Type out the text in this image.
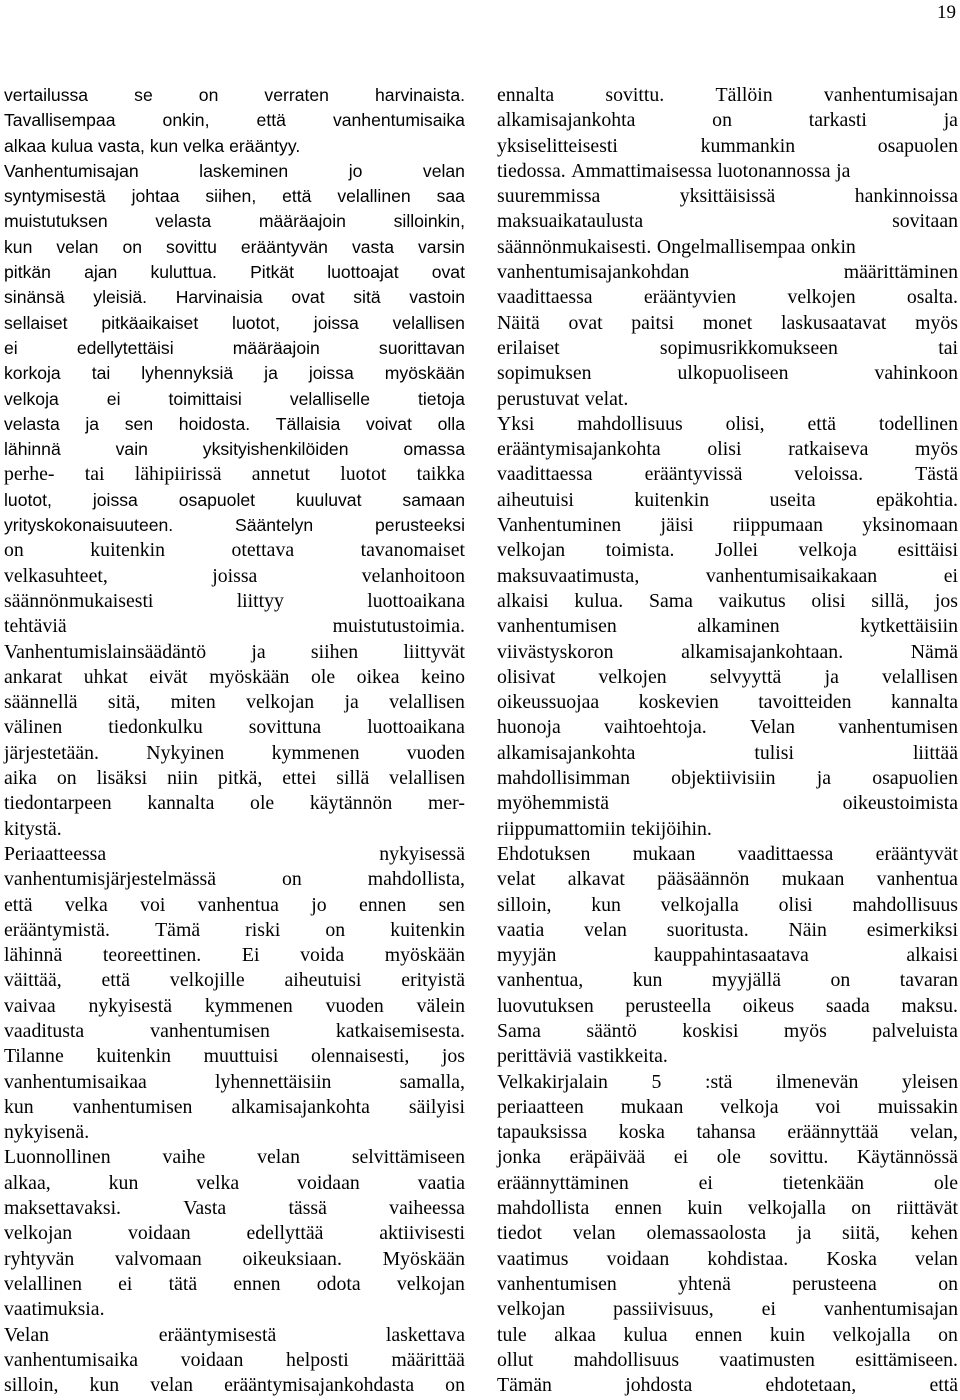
19
vertailussa	se	on	verraten	harvinaista.
Tavallisempaa	onkin,	että	vanhentumisaika
alkaa kulua vasta, kun velka erääntyy.
Vanhentumisajan	laskeminen	jo	velan
syntymisestä johtaa siihen, että velallinen saa
muistutuksen	velasta	määräajoin	silloinkin,
kun velan on sovittu erääntyvän vasta varsin
pitkän ajan kuluttua. Pitkät luottoajat ovat
sinänsä yleisiä. Harvinaisia ovat sitä vastoin
sellaiset pitkäaikaiset luotot, joissa velallisen
ei	edellytettäisi	määräajoin	suorittavan
korkoja tai lyhennyksiä ja joissa myöskään
velkoja	ei	toimittaisi	velalliselle	tietoja
velasta ja sen hoidosta. Tällaisia voivat olla
lähinnä	vain	yksityishenkilöiden	omassa
perhe- tai lähipiirissä annetut luotot taikka
luotot, joissa osapuolet kuuluvat samaan
yrityskokonaisuuteen.	Sääntelyn	perusteeksi
on	kuitenkin	otettava	tavanomaiset
velkasuhteet,	joissa	velanhoitoon
säännönmukaisesti	liittyy	luottoaikana
tehtäviä	muistutustoimia.
Vanhentumislainsäädäntö ja siihen liittyvät
ankarat uhkat eivät myöskään ole oikea keino
säännellä sitä, miten velkojan ja velallisen
välinen tiedonkulku sovittuna luottoaikana
järjestetään. Nykyinen kymmenen vuoden
aika on lisäksi niin pitkä, ettei sillä velallisen
tiedontarpeen kannalta ole käytännön mer-
kitystä.
Periaatteessa	nykyisessä
vanhentumisjärjestelmässä	on	mahdollista,
että velka voi vanhentua jo ennen sen
erääntymistä. Tämä riski on kuitenkin
lähinnä teoreettinen. Ei voida myöskään
väittää, että velkojille aiheutuisi erityistä
vaivaa nykyisestä kymmenen vuoden välein
vaaditusta	vanhentumisen	katkaisemisesta.
Tilanne kuitenkin muuttuisi olennaisesti, jos
vanhentumisaikaa	lyhennettäisiin	samalla,
kun vanhentumisen alkamisajankohta säilyisi
nykyisenä.
Luonnollinen	vaihe	velan	selvittämiseen
alkaa,	kun	velka	voidaan	vaatia
maksettavaksi.	Vasta	tässä	vaiheessa
velkojan	voidaan	edellyttää	aktiivisesti
ryhtyvän valvomaan oikeuksiaan. Myöskään
velallinen ei tätä ennen odota velkojan
vaatimuksia.
Velan	erääntymisestä	laskettava
vanhentumisaika voidaan helposti määrittää
silloin, kun velan erääntymisajankohdasta on
ennalta	sovittu.	Tällöin	vanhentumisajan
alkamisajankohta	on	tarkasti	ja
yksiselitteisesti	kummankin	osapuolen
tiedossa. Ammattimaisessa luotonannossa ja
suuremmissa	yksittäisissä	hankinnoissa
maksuaikataulusta	sovitaan
säännönmukaisesti. Ongelmallisempaa onkin
vanhentumisajankohdan	määrittäminen
vaadittaessa	erääntyvien	velkojen	osalta.
Näitä ovat paitsi monet laskusaatavat myös
erilaiset	sopimusrikkomukseen	tai
sopimuksen	ulkopuoliseen	vahinkoon
perustuvat velat.
Yksi mahdollisuus olisi, että todellinen
erääntymisajankohta olisi ratkaiseva myös
vaadittaessa	erääntyvissä	veloissa.	Tästä
aiheutuisi	kuitenkin	useita	epäkohtia.
Vanhentuminen jäisi riippumaan yksinomaan
velkojan toimista. Jollei velkoja esittäisi
maksuvaatimusta,	vanhentumisaikakaan	ei
alkaisi kulua. Sama vaikutus olisi sillä, jos
vanhentumisen	alkaminen	kytkettäisiin
viivästyskoron	alkamisajankohtaan.	Nämä
olisivat velkojen selvyyttä ja velallisen
oikeussuojaa koskevien tavoitteiden kannalta
huonoja vaihtoehtoja. Velan vanhentumisen
alkamisajankohta	tulisi	liittää
mahdollisimman objektiivisiin ja osapuolien
myöhemmistä	oikeustoimista
riippumattomiin tekijöihin.
Ehdotuksen mukaan vaadittaessa erääntyvät
velat alkavat pääsäännön mukaan vanhentua
silloin, kun velkojalla olisi mahdollisuus
vaatia velan suoritusta. Näin esimerkiksi
myyjän	kauppahintasaatava	alkaisi
vanhentua, kun myyjällä on tavaran
luovutuksen perusteella oikeus saada maksu.
Sama sääntö koskisi myös palveluista
perittäviä vastikkeita.
Velkakirjalain 5 :stä ilmenevän yleisen
periaatteen mukaan velkoja voi muissakin
tapauksissa koska tahansa eräännyttää velan,
jonka eräpäivää ei ole sovittu. Käytännössä
eräännyttäminen	ei	tietenkään	ole
mahdollista ennen kuin velkojalla on riittävät
tiedot velan olemassaolosta ja siitä, kehen
vaatimus voidaan kohdistaa. Koska velan
vanhentumisen	yhtenä	perusteena	on
velkojan passiivisuus, ei vanhentumisajan
tule alkaa kulua ennen kuin velkojalla on
ollut mahdollisuus vaatimusten esittämiseen.
Tämän	johdosta	ehdotetaan,	että
